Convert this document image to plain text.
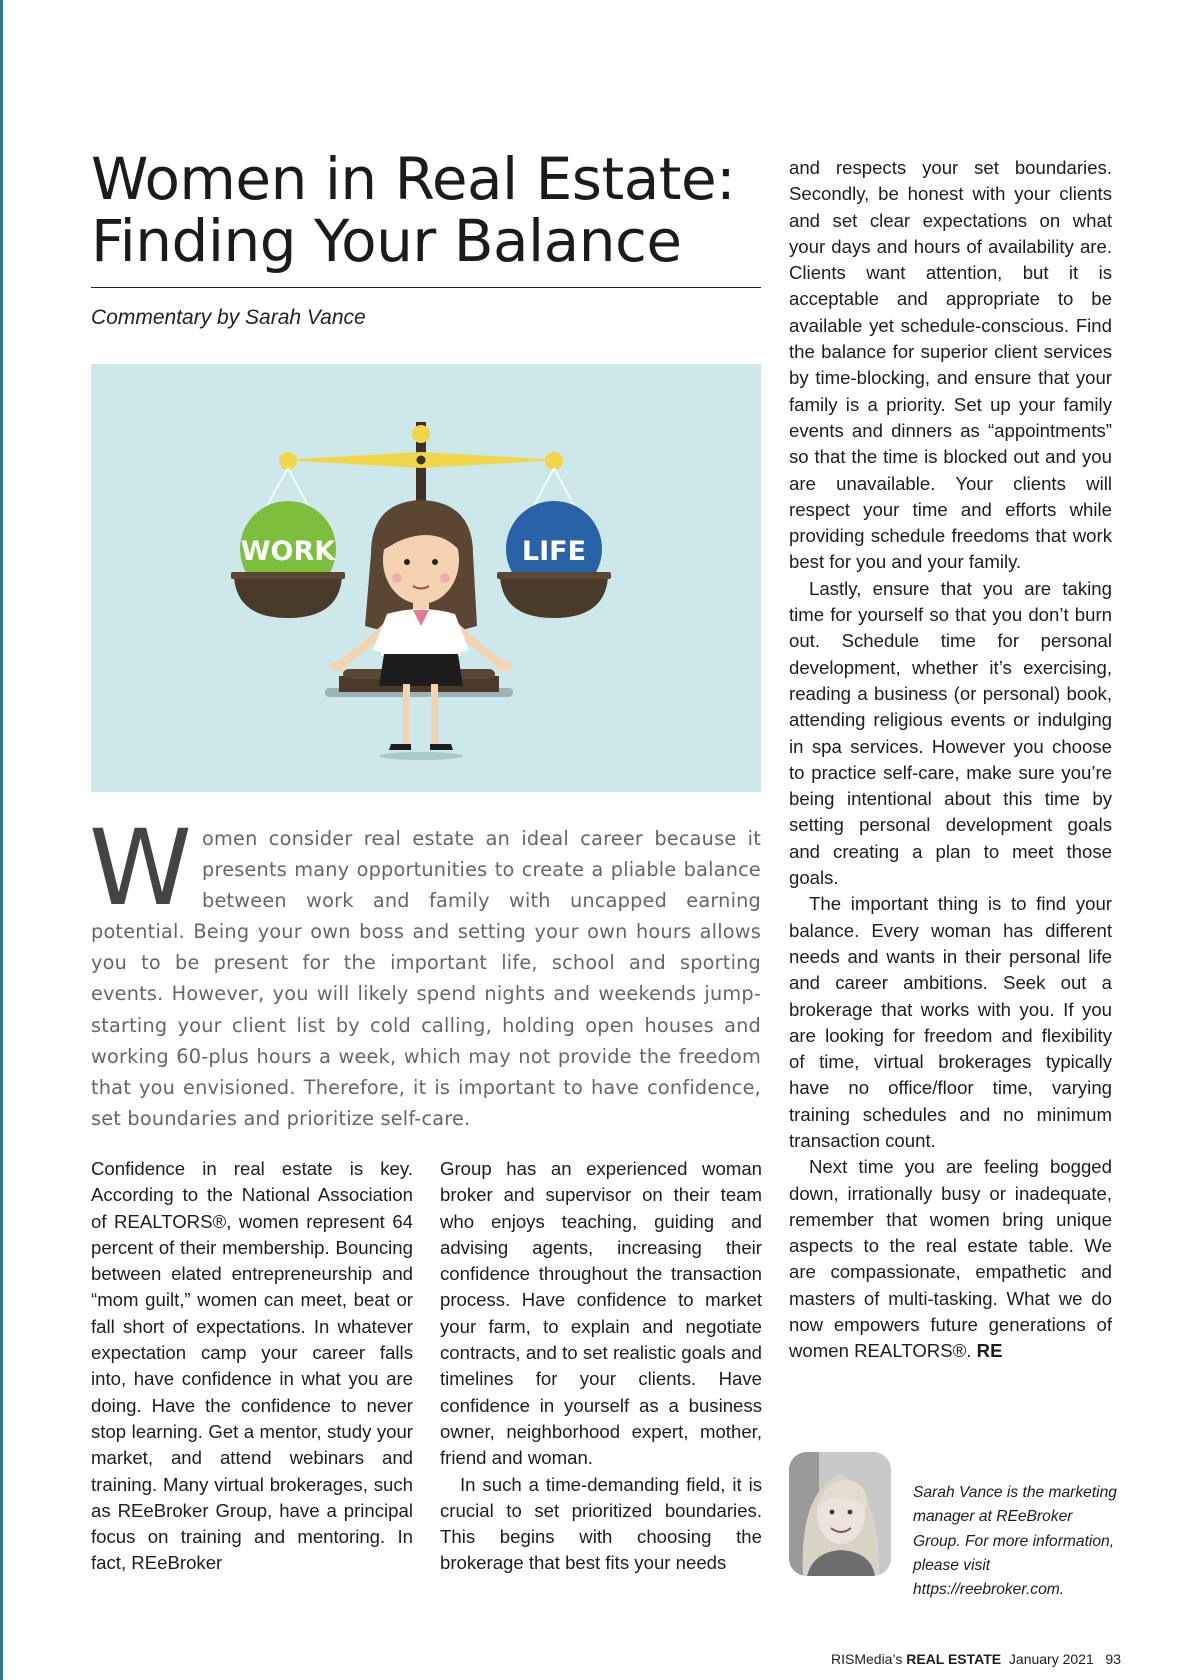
Women in Real Estate:
Finding Your Balance
Commentary by Sarah Vance
WORK	LIFE

Women consider real estate an ideal career because it presents many opportunities to create a pliable balance between work and family with uncapped earning potential. Being your own boss and setting your own hours allows you to be present for the important life, school and sporting events. However, you will likely spend nights and weekends jump-starting your client list by cold calling, holding open houses and working 60-plus hours a week, which may not provide the freedom that you envisioned. Therefore, it is important to have confidence, set boundaries and prioritize self-care.

Confidence in real estate is key. According to the National Association of REALTORS®, women represent 64 percent of their membership. Bouncing between elated entrepreneurship and “mom guilt,” women can meet, beat or fall short of expectations. In whatever expectation camp your career falls into, have confidence in what you are doing. Have the confidence to never stop learning. Get a mentor, study your market, and attend webinars and training. Many virtual brokerages, such as REeBroker Group, have a principal focus on training and mentoring. In fact, REeBroker

Group has an experienced woman broker and supervisor on their team who enjoys teaching, guiding and advising agents, increasing their confidence throughout the transaction process. Have confidence to market your farm, to explain and negotiate contracts, and to set realistic goals and timelines for your clients. Have confidence in yourself as a business owner, neighborhood expert, mother, friend and woman.

In such a time-demanding field, it is crucial to set prioritized boundaries. This begins with choosing the brokerage that best fits your needs

and respects your set boundaries. Secondly, be honest with your clients and set clear expectations on what your days and hours of availability are. Clients want attention, but it is acceptable and appropriate to be available yet schedule-conscious. Find the balance for superior client services by time-blocking, and ensure that your family is a priority. Set up your family events and dinners as “appointments” so that the time is blocked out and you are unavailable. Your clients will respect your time and efforts while providing schedule freedoms that work best for you and your family.

Lastly, ensure that you are taking time for yourself so that you don’t burn out. Schedule time for personal development, whether it’s exercising, reading a business (or personal) book, attending religious events or indulging in spa services. However you choose to practice self-care, make sure you’re being intentional about this time by setting personal development goals and creating a plan to meet those goals.

The important thing is to find your balance. Every woman has different needs and wants in their personal life and career ambitions. Seek out a brokerage that works with you. If you are looking for freedom and flexibility of time, virtual brokerages typically have no office/floor time, varying training schedules and no minimum transaction count.

Next time you are feeling bogged down, irrationally busy or inadequate, remember that women bring unique aspects to the real estate table. We are compassionate, empathetic and masters of multi-tasking. What we do now empowers future generations of women REALTORS®. RE

Sarah Vance is the marketing manager at REeBroker Group. For more information, please visit https://reebroker.com.
RISMedia’s REAL ESTATE January 2021 93
